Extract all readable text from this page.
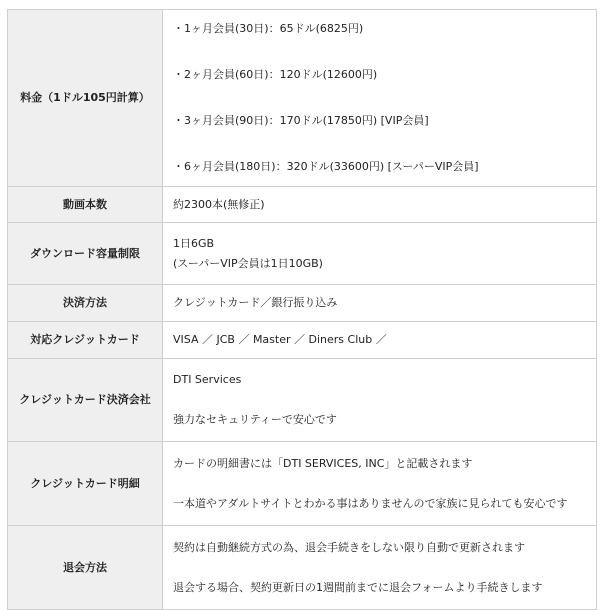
料金（1ドル105円計算）	・1ヶ月会員(30日)：65ドル(6825円)
・2ヶ月会員(60日)：120ドル(12600円)
・3ヶ月会員(90日)：170ドル(17850円) [VIP会員]
・6ヶ月会員(180日)：320ドル(33600円) [スーパーVIP会員]

動画本数	約2300本(無修正)

ダウンロード容量制限	1日6GB
(スーパーVIP会員は1日10GB)

決済方法	クレジットカード／銀行振り込み

対応クレジットカード	VISA ／ JCB ／ Master ／ Diners Club ／

クレジットカード決済会社	DTI Services
強力なセキュリティーで安心です

クレジットカード明細	カードの明細書には「DTI SERVICES, INC」と記載されます
一本道やアダルトサイトとわかる事はありませんので家族に見られても安心です

退会方法	契約は自動継続方式の為、退会手続きをしない限り自動で更新されます
退会する場合、契約更新日の1週間前までに退会フォームより手続きします
